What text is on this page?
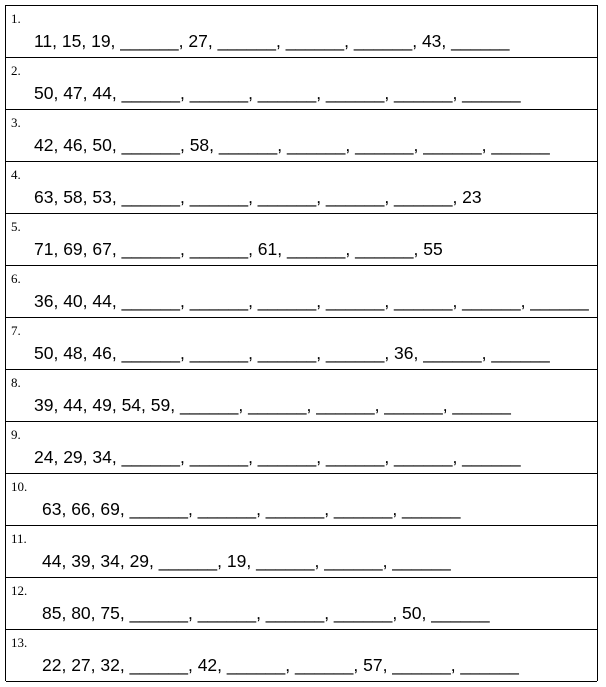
1.
11, 15, 19, ______, 27, ______, ______, ______, 43, ______
2.
50, 47, 44, ______, ______, ______, ______, ______, ______
3.
42, 46, 50, ______, 58, ______, ______, ______, ______, ______
4.
63, 58, 53, ______, ______, ______, ______, ______, 23
5.
71, 69, 67, ______, ______, 61, ______, ______, 55
6.
36, 40, 44, ______, ______, ______, ______, ______, ______, ______
7.
50, 48, 46, ______, ______, ______, ______, 36, ______, ______
8.
39, 44, 49, 54, 59, ______, ______, ______, ______, ______
9.
24, 29, 34, ______, ______, ______, ______, ______, ______
10.
63, 66, 69, ______, ______, ______, ______, ______
11.
44, 39, 34, 29, ______, 19, ______, ______, ______
12.
85, 80, 75, ______, ______, ______, ______, 50, ______
13.
22, 27, 32, ______, 42, ______, ______, 57, ______, ______
